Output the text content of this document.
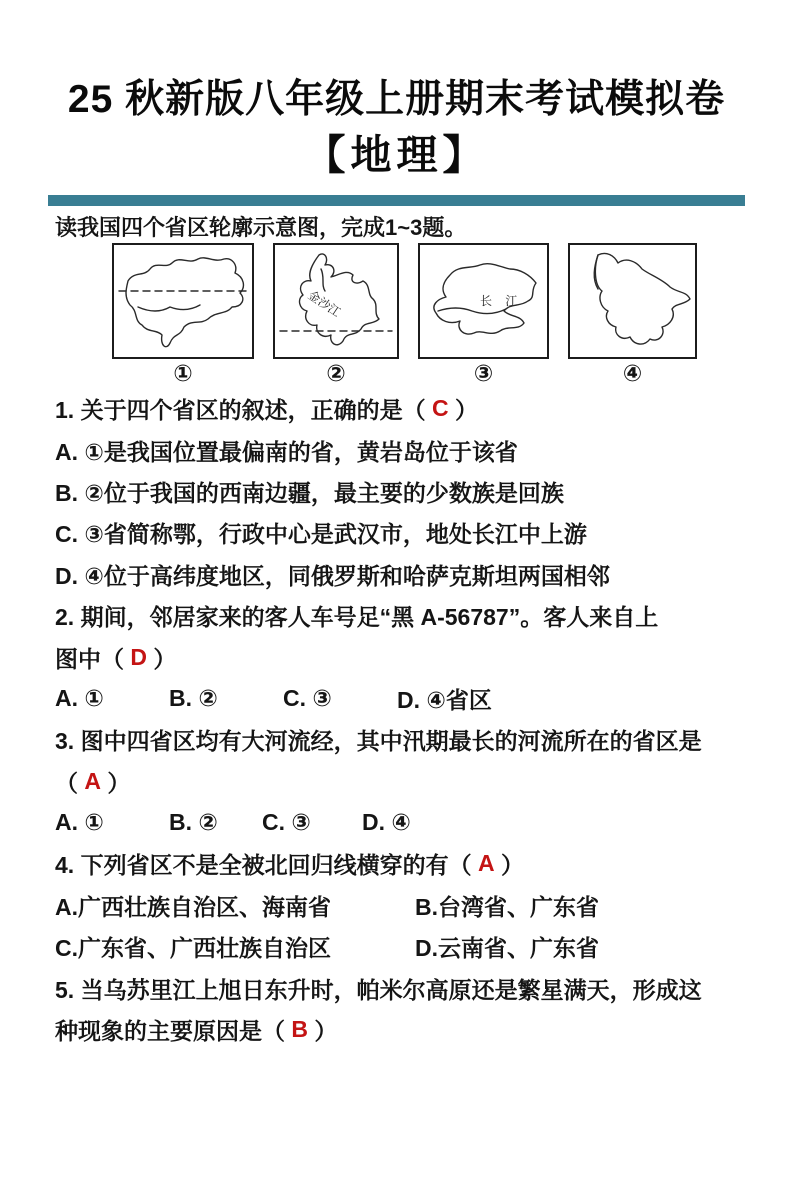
25 秋新版八年级上册期末考试模拟卷
【地理】
读我国四个省区轮廓示意图，完成1~3题。
①
金沙江
②
长 江
③	④
1. 关于四个省区的叙述，正确的是（ C ）
A. ①是我国位置最偏南的省，黄岩岛位于该省
B. ②位于我国的西南边疆，最主要的少数族是回族
C. ③省简称鄂，行政中心是武汉市，地处长江中上游
D. ④位于高纬度地区，同俄罗斯和哈萨克斯坦两国相邻
2. 期间，邻居家来的客人车号足“黑 A-56787”。客人来自上
图中（ D ）
A. ①	B. ②	C. ③	D. ④省区
3. 图中四省区均有大河流经，其中汛期最长的河流所在的省区是
（ A ）
A. ①	B. ②	C. ③	D. ④
4. 下列省区不是全被北回归线横穿的有（ A ）
A.广西壮族自治区、海南省	B.台湾省、广东省
C.广东省、广西壮族自治区	D.云南省、广东省
5. 当乌苏里江上旭日东升时，帕米尔高原还是繁星满天，形成这
种现象的主要原因是（ B ）
